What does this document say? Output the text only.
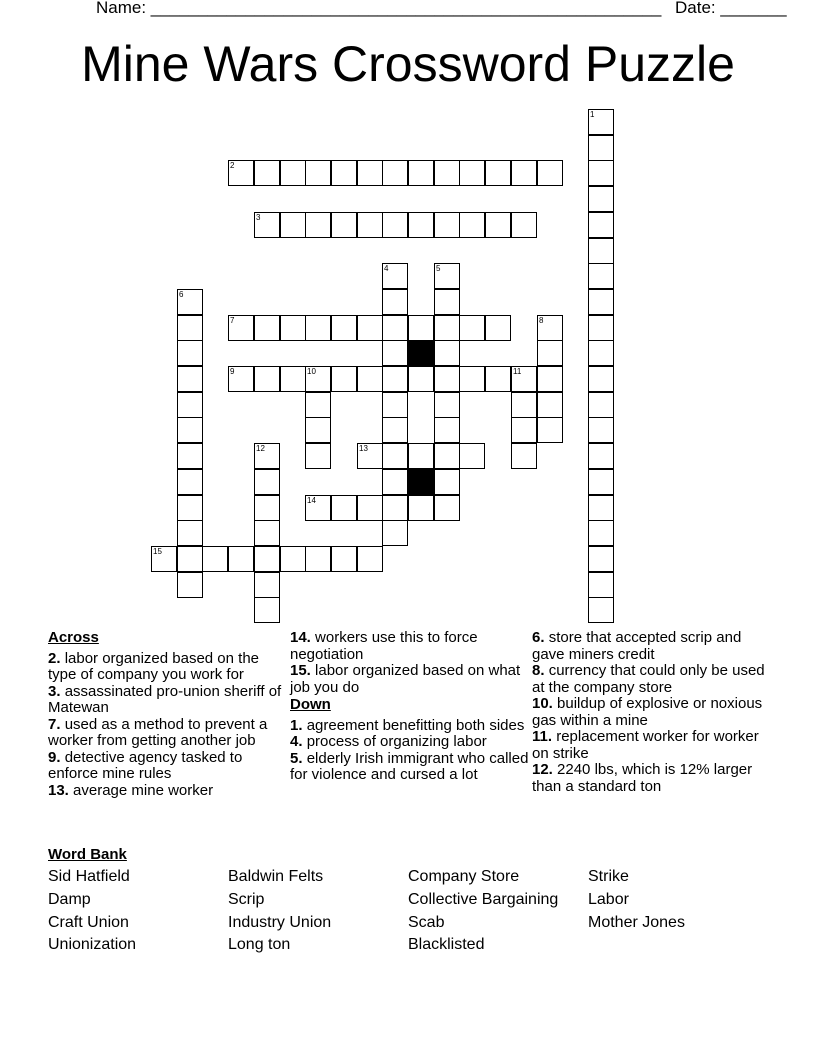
Name: ______________________________________________________ Date: _______
Mine Wars Crossword Puzzle
1
2
3
4	5
6
7	8
9	10	11
13
12
14
15
Across
2. labor organized based on the type of company you work for
3. assassinated pro-union sheriff of Matewan
7. used as a method to prevent a worker from getting another job
9. detective agency tasked to enforce mine rules
13. average mine worker
14. workers use this to force negotiation
15. labor organized based on what job you do
Down
1. agreement benefitting both sides
4. process of organizing labor
5. elderly Irish immigrant who called for violence and cursed a lot
6. store that accepted scrip and gave miners credit
8. currency that could only be used at the company store
10. buildup of explosive or noxious gas within a mine
11. replacement worker for worker on strike
12. 2240 lbs, which is 12% larger than a standard ton
Word Bank
Sid Hatfield
Damp
Craft Union
Unionization
Baldwin Felts
Scrip
Industry Union
Long ton
Company Store
Collective Bargaining
Scab
Blacklisted
Strike
Labor
Mother Jones
